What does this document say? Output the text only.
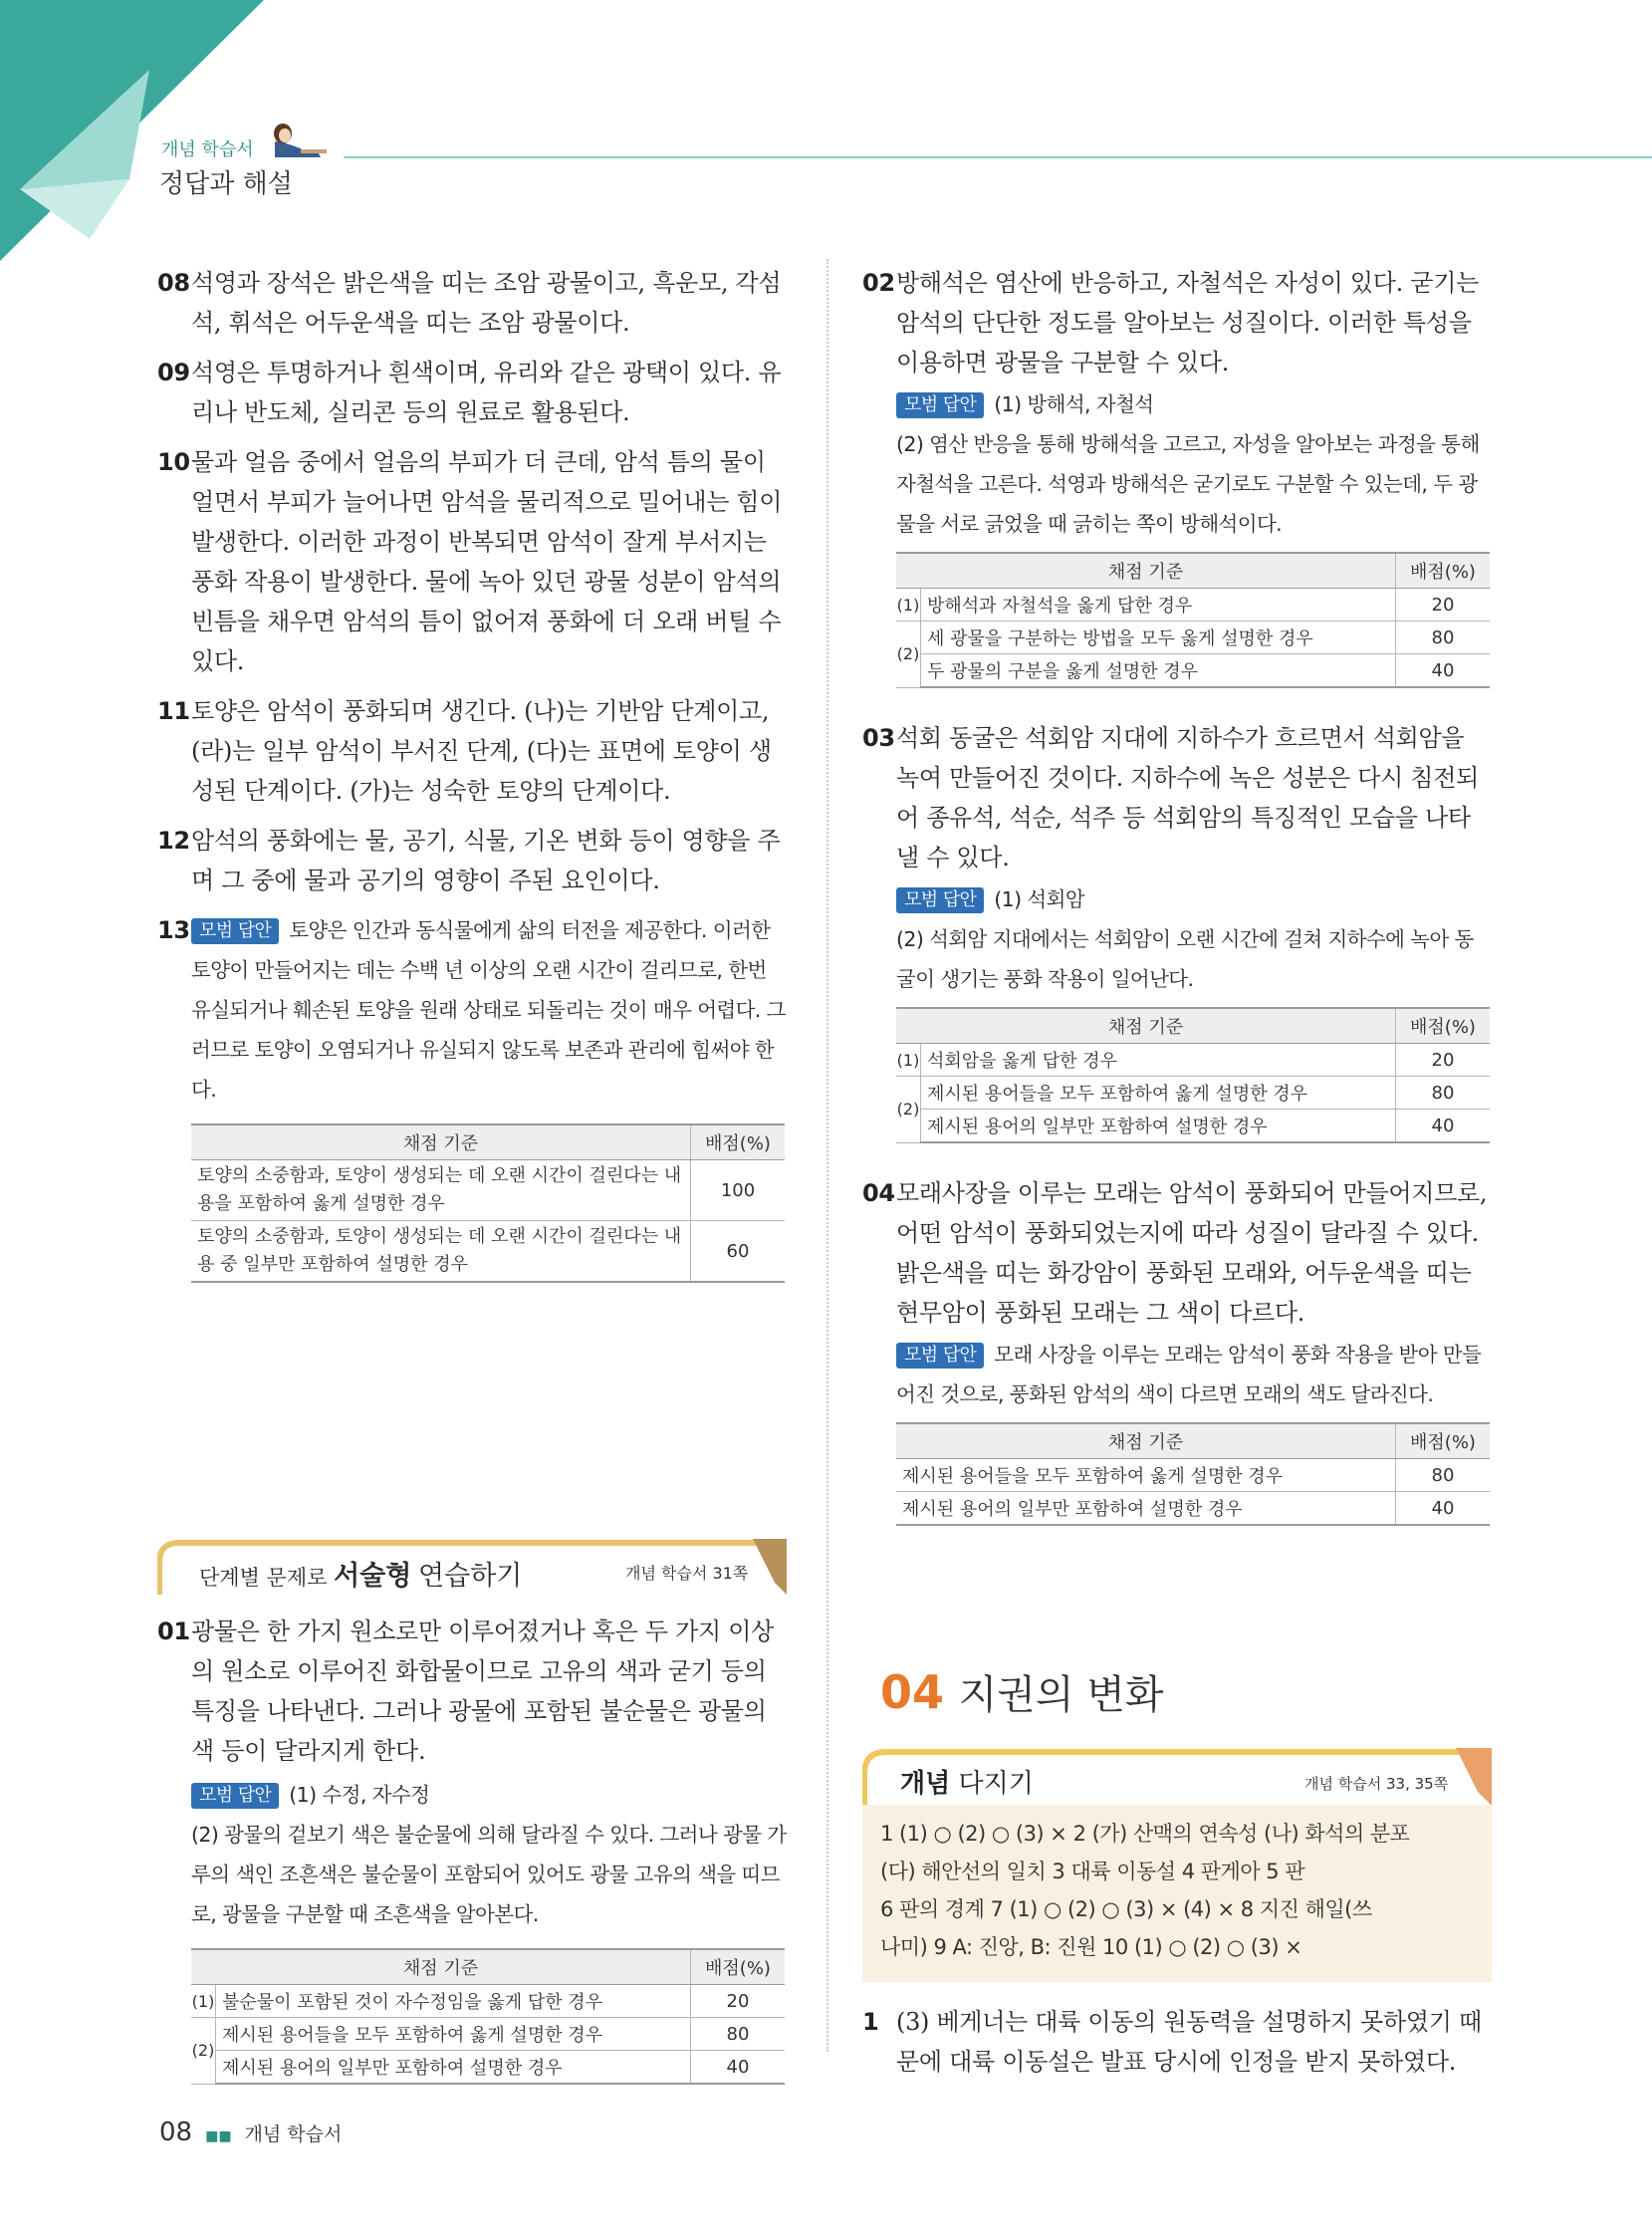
개념 학습서
정답과 해설
08 석영과 장석은 밝은색을 띠는 조암 광물이고, 흑운모, 각섬석, 휘석은 어두운색을 띠는 조암 광물이다.
09 석영은 투명하거나 흰색이며, 유리와 같은 광택이 있다. 유리나 반도체, 실리콘 등의 원료로 활용된다.
10 물과 얼음 중에서 얼음의 부피가 더 큰데, 암석 틈의 물이 얼면서 부피가 늘어나면 암석을 물리적으로 밀어내는 힘이 발생한다. 이러한 과정이 반복되면 암석이 잘게 부서지는 풍화 작용이 발생한다. 물에 녹아 있던 광물 성분이 암석의 빈틈을 채우면 암석의 틈이 없어져 풍화에 더 오래 버틸 수 있다.
11 토양은 암석이 풍화되며 생긴다. (나)는 기반암 단계이고, (라)는 일부 암석이 부서진 단계, (다)는 표면에 토양이 생성된 단계이다. (가)는 성숙한 토양의 단계이다.
12 암석의 풍화에는 물, 공기, 식물, 기온 변화 등이 영향을 주며 그 중에 물과 공기의 영향이 주된 요인이다.
13 모범 답안 토양은 인간과 동식물에게 삶의 터전을 제공한다. 이러한 토양이 만들어지는 데는 수백 년 이상의 오랜 시간이 걸리므로, 한번 유실되거나 훼손된 토양을 원래 상태로 되돌리는 것이 매우 어렵다. 그러므로 토양이 오염되거나 유실되지 않도록 보존과 관리에 힘써야 한다.
채점 기준	배점(%)
토양의 소중함과, 토양이 생성되는 데 오랜 시간이 걸린다는 내용을 포함하여 옳게 설명한 경우	100
토양의 소중함과, 토양이 생성되는 데 오랜 시간이 걸린다는 내용 중 일부만 포함하여 설명한 경우	60
단계별 문제로 서술형 연습하기	개념 학습서 31쪽
01 광물은 한 가지 원소로만 이루어졌거나 혹은 두 가지 이상의 원소로 이루어진 화합물이므로 고유의 색과 굳기 등의 특징을 나타낸다. 그러나 광물에 포함된 불순물은 광물의 색 등이 달라지게 한다.
모범 답안 (1) 수정, 자수정
(2) 광물의 겉보기 색은 불순물에 의해 달라질 수 있다. 그러나 광물 가루의 색인 조흔색은 불순물이 포함되어 있어도 광물 고유의 색을 띠므로, 광물을 구분할 때 조흔색을 알아본다.
채점 기준		배점(%)
(1)	불순물이 포함된 것이 자수정임을 옳게 답한 경우	20
(2)	제시된 용어들을 모두 포함하여 옳게 설명한 경우	80
	제시된 용어의 일부만 포함하여 설명한 경우	40
02 방해석은 염산에 반응하고, 자철석은 자성이 있다. 굳기는 암석의 단단한 정도를 알아보는 성질이다. 이러한 특성을 이용하면 광물을 구분할 수 있다.
모범 답안 (1) 방해석, 자철석
(2) 염산 반응을 통해 방해석을 고르고, 자성을 알아보는 과정을 통해 자철석을 고른다. 석영과 방해석은 굳기로도 구분할 수 있는데, 두 광물을 서로 긁었을 때 긁히는 쪽이 방해석이다.
채점 기준		배점(%)
(1)	방해석과 자철석을 옳게 답한 경우	20
(2)	세 광물을 구분하는 방법을 모두 옳게 설명한 경우	80
	두 광물의 구분을 옳게 설명한 경우	40
03 석회 동굴은 석회암 지대에 지하수가 흐르면서 석회암을 녹여 만들어진 것이다. 지하수에 녹은 성분은 다시 침전되어 종유석, 석순, 석주 등 석회암의 특징적인 모습을 나타낼 수 있다.
모범 답안 (1) 석회암
(2) 석회암 지대에서는 석회암이 오랜 시간에 걸쳐 지하수에 녹아 동굴이 생기는 풍화 작용이 일어난다.
채점 기준		배점(%)
(1)	석회암을 옳게 답한 경우	20
(2)	제시된 용어들을 모두 포함하여 옳게 설명한 경우	80
	제시된 용어의 일부만 포함하여 설명한 경우	40
04 모래사장을 이루는 모래는 암석이 풍화되어 만들어지므로, 어떤 암석이 풍화되었는지에 따라 성질이 달라질 수 있다. 밝은색을 띠는 화강암이 풍화된 모래와, 어두운색을 띠는 현무암이 풍화된 모래는 그 색이 다르다.
모범 답안 모래 사장을 이루는 모래는 암석이 풍화 작용을 받아 만들어진 것으로, 풍화된 암석의 색이 다르면 모래의 색도 달라진다.
채점 기준	배점(%)
제시된 용어들을 모두 포함하여 옳게 설명한 경우	80
제시된 용어의 일부만 포함하여 설명한 경우	40
04 지권의 변화
개념 다지기	개념 학습서 33, 35쪽
1 (1) ○ (2) ○ (3) × 2 (가) 산맥의 연속성 (나) 화석의 분포
(다) 해안선의 일치 3 대륙 이동설 4 판게아 5 판
6 판의 경계 7 (1) ○ (2) ○ (3) × (4) × 8 지진 해일(쓰
나미) 9 A: 진앙, B: 진원 10 (1) ○ (2) ○ (3) ×
1 (3) 베게너는 대륙 이동의 원동력을 설명하지 못하였기 때문에 대륙 이동설은 발표 당시에 인정을 받지 못하였다.
08 ■■ 개념 학습서
